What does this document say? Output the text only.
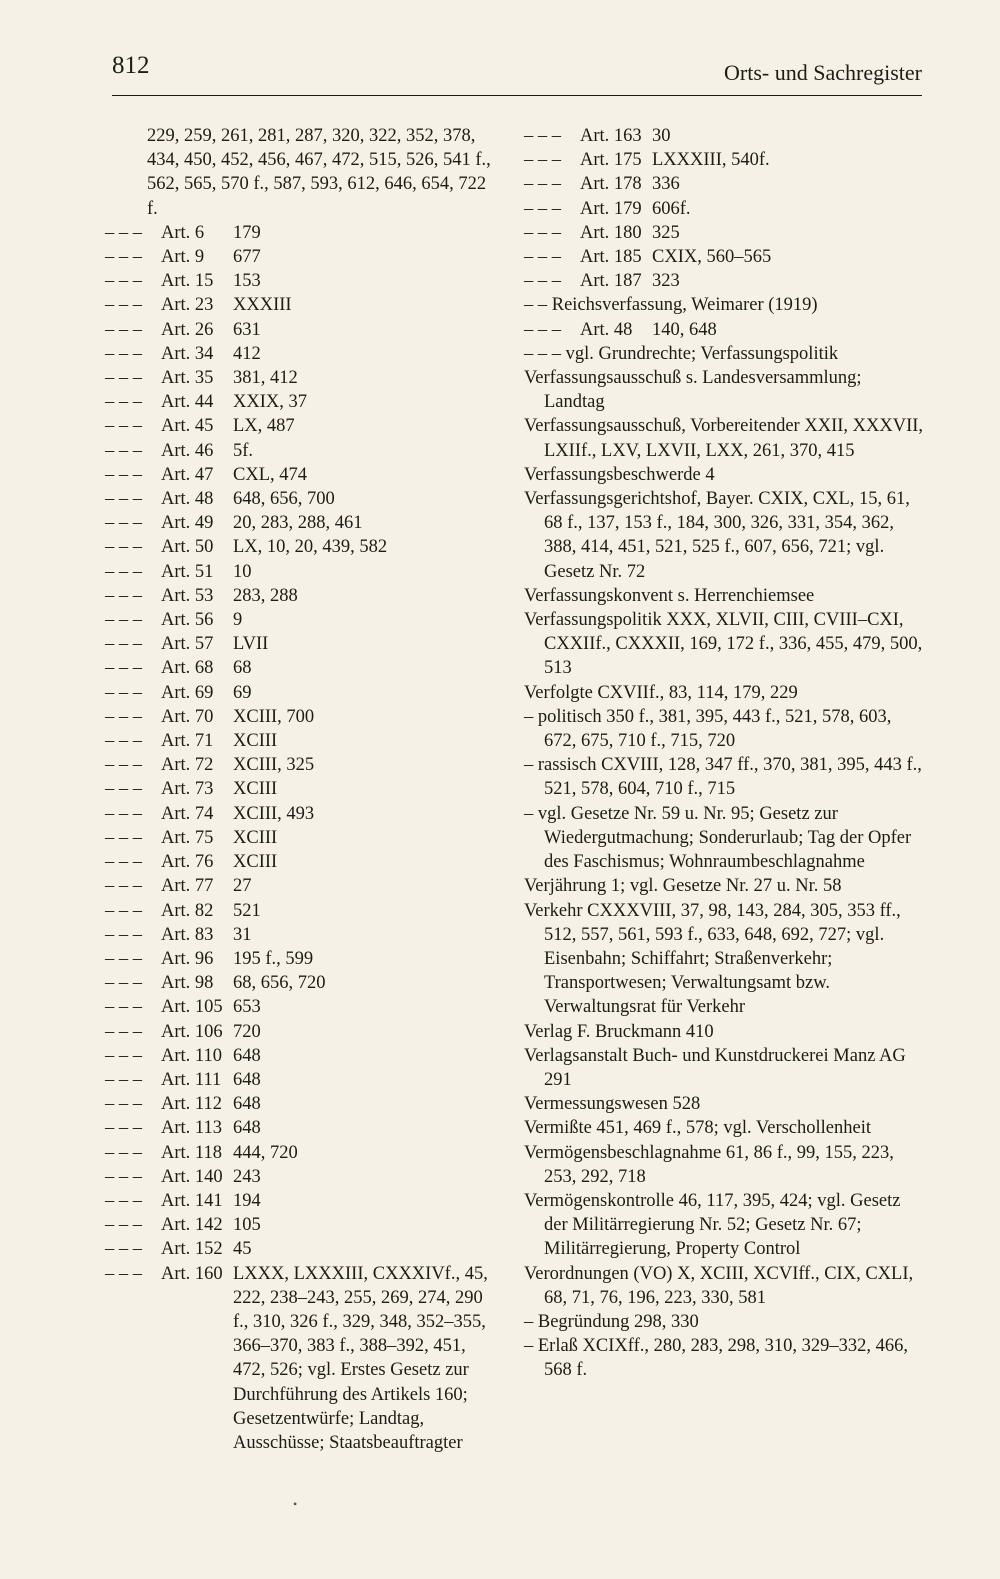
812	Orts- und Sachregister
229, 259, 261, 281, 287, 320, 322, 352, 378, 434, 450, 452, 456, 467, 472, 515, 526, 541 f., 562, 565, 570 f., 587, 593, 612, 646, 654, 722 f.
– – – Art. 6 179
– – – Art. 9 677
– – – Art. 15 153
– – – Art. 23 XXXIII
– – – Art. 26 631
– – – Art. 34 412
– – – Art. 35 381, 412
– – – Art. 44 XXIX, 37
– – – Art. 45 LX, 487
– – – Art. 46 5f.
– – – Art. 47 CXL, 474
– – – Art. 48 648, 656, 700
– – – Art. 49 20, 283, 288, 461
– – – Art. 50 LX, 10, 20, 439, 582
– – – Art. 51 10
– – – Art. 53 283, 288
– – – Art. 56 9
– – – Art. 57 LVII
– – – Art. 68 68
– – – Art. 69 69
– – – Art. 70 XCIII, 700
– – – Art. 71 XCIII
– – – Art. 72 XCIII, 325
– – – Art. 73 XCIII
– – – Art. 74 XCIII, 493
– – – Art. 75 XCIII
– – – Art. 76 XCIII
– – – Art. 77 27
– – – Art. 82 521
– – – Art. 83 31
– – – Art. 96 195 f., 599
– – – Art. 98 68, 656, 720
– – – Art. 105 653
– – – Art. 106 720
– – – Art. 110 648
– – – Art. 111 648
– – – Art. 112 648
– – – Art. 113 648
– – – Art. 118 444, 720
– – – Art. 140 243
– – – Art. 141 194
– – – Art. 142 105
– – – Art. 152 45
– – – Art. 160 LXXX, LXXXIII, CXXXIVf., 45, 222, 238–243, 255, 269, 274, 290 f., 310, 326 f., 329, 348, 352–355, 366–370, 383 f., 388–392, 451, 472, 526; vgl. Erstes Gesetz zur Durchführung des Artikels 160; Gesetzentwürfe; Landtag, Ausschüsse; Staatsbeauftragter
– – – Art. 163 30
– – – Art. 175 LXXXIII, 540f.
– – – Art. 178 336
– – – Art. 179 606f.
– – – Art. 180 325
– – – Art. 185 CXIX, 560–565
– – – Art. 187 323
– – Reichsverfassung, Weimarer (1919)
– – – Art. 48 140, 648
– – – vgl. Grundrechte; Verfassungspolitik
Verfassungsausschuß s. Landesversammlung; Landtag
Verfassungsausschuß, Vorbereitender XXII, XXXVII, LXIIf., LXV, LXVII, LXX, 261, 370, 415
Verfassungsbeschwerde 4
Verfassungsgerichtshof, Bayer. CXIX, CXL, 15, 61, 68 f., 137, 153 f., 184, 300, 326, 331, 354, 362, 388, 414, 451, 521, 525 f., 607, 656, 721; vgl. Gesetz Nr. 72
Verfassungskonvent s. Herrenchiemsee
Verfassungspolitik XXX, XLVII, CIII, CVIII–CXI, CXXIIf., CXXXII, 169, 172 f., 336, 455, 479, 500, 513
Verfolgte CXVIIf., 83, 114, 179, 229
– politisch 350 f., 381, 395, 443 f., 521, 578, 603, 672, 675, 710 f., 715, 720
– rassisch CXVIII, 128, 347 ff., 370, 381, 395, 443 f., 521, 578, 604, 710 f., 715
– vgl. Gesetze Nr. 59 u. Nr. 95; Gesetz zur Wiedergutmachung; Sonderurlaub; Tag der Opfer des Faschismus; Wohnraumbeschlagnahme
Verjährung 1; vgl. Gesetze Nr. 27 u. Nr. 58
Verkehr CXXXVIII, 37, 98, 143, 284, 305, 353 ff., 512, 557, 561, 593 f., 633, 648, 692, 727; vgl. Eisenbahn; Schiffahrt; Straßenverkehr; Transportwesen; Verwaltungsamt bzw. Verwaltungsrat für Verkehr
Verlag F. Bruckmann 410
Verlagsanstalt Buch- und Kunstdruckerei Manz AG 291
Vermessungswesen 528
Vermißte 451, 469 f., 578; vgl. Verschollenheit
Vermögensbeschlagnahme 61, 86 f., 99, 155, 223, 253, 292, 718
Vermögenskontrolle 46, 117, 395, 424; vgl. Gesetz der Militärregierung Nr. 52; Gesetz Nr. 67; Militärregierung, Property Control
Verordnungen (VO) X, XCIII, XCVIff., CIX, CXLI, 68, 71, 76, 196, 223, 330, 581
– Begründung 298, 330
– Erlaß XCIXff., 280, 283, 298, 310, 329–332, 466, 568 f.
•
